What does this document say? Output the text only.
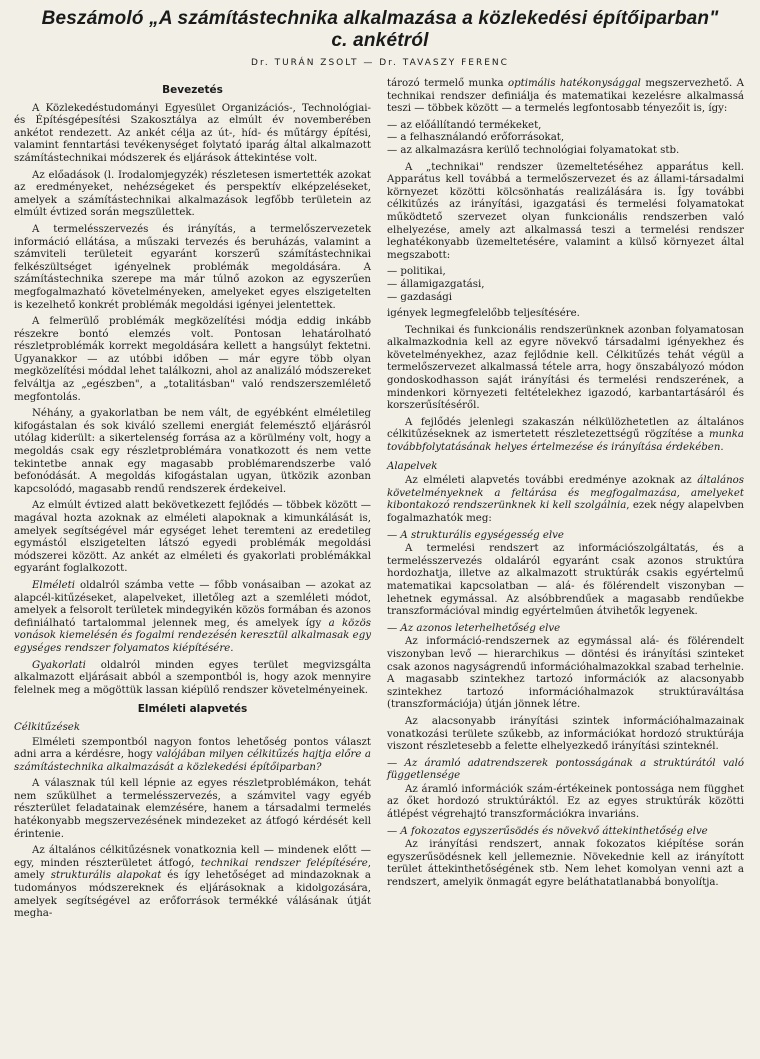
Beszámoló „A számítástechnika alkalmazása a közlekedési építőiparban"
c. ankétról
Dr. TURÁN ZSOLT — Dr. TAVASZY FERENC
Bevezetés

A Közlekedéstudományi Egyesület Organizációs-, Technológiai- és Építésgépesítési Szakosztálya az elmúlt év novemberében ankétot rendezett. Az ankét célja az út-, híd- és műtárgy építési, valamint fenntartási tevékenységet folytató iparág által alkalmazott számítástechnikai módszerek és eljárások áttekintése volt.

Az előadások (l. Irodalomjegyzék) részletesen ismertették azokat az eredményeket, nehézségeket és perspektív elképzeléseket, amelyek a számítástechnikai alkalmazások legfőbb területein az elmúlt évtized során megszülettek.

A termelésszervezés és irányítás, a termelőszervezetek információ ellátása, a műszaki tervezés és beruházás, valamint a számviteli területeit egyaránt korszerű számítástechnikai felkészültséget igényelnek problémák megoldására. A számítástechnika szerepe ma már túlnő azokon az egyszerűen megfogalmazható követelményeken, amelyeket egyes elszigetelten is kezelhető konkrét problémák megoldási igényei jelentettek.

A felmerülő problémák megközelítési módja eddig inkább részekre bontó elemzés volt. Pontosan lehatárolható részletproblémák korrekt megoldására kellett a hangsúlyt fektetni. Ugyanakkor — az utóbbi időben — már egyre több olyan megközelítési móddal lehet találkozni, ahol az analizáló módszereket felváltja az „egészben", a „totalitásban" való rendszerszemlélető megfontolás.

Néhány, a gyakorlatban be nem vált, de egyébként elméletileg kifogástalan és sok kiváló szellemi energiát felemésztő eljárásról utólag kiderült: a sikertelenség forrása az a körülmény volt, hogy a megoldás csak egy részletproblémára vonatkozott és nem vette tekintetbe annak egy magasabb problémarendszerbe való befonódását. A megoldás kifogástalan ugyan, ütközik azonban kapcsolódó, magasabb rendű rendszerek érdekeivel.

Az elmúlt évtized alatt bekövetkezett fejlődés — többek között — magával hozta azoknak az elméleti alapoknak a kimunkálását is, amelyek segítségével már egységet lehet teremteni az eredetileg egymástól elszigetelten látszó egyedi problémák megoldási módszerei között. Az ankét az elméleti és gyakorlati problémákkal egyaránt foglalkozott.

Elméleti oldalról számba vette — főbb vonásaiban — azokat az alapcél-kitűzéseket, alapelveket, illetőleg azt a szemléleti módot, amelyek a felsorolt területek mindegyikén közös formában és azonos definiálható tartalommal jelennek meg, és amelyek így a közös vonások kiemelésén és fogalmi rendezésén keresztül alkalmasak egy egységes rendszer folyamatos kiépítésére.

Gyakorlati oldalról minden egyes terület megvizsgálta alkalmazott eljárásait abból a szempontból is, hogy azok mennyire felelnek meg a mögöttük lassan kiépülő rendszer követelményeinek.

Elméleti alapvetés
Célkitűzések

Elméleti szempontból nagyon fontos lehetőség pontos választ adni arra a kérdésre, hogy valójában milyen célkitűzés hajtja előre a számítástechnika alkalmazását a közlekedési építőiparban?

A válasznak túl kell lépnie az egyes részletproblémákon, tehát nem szűkülhet a termelésszervezés, a számvitel vagy egyéb részterület feladatainak elemzésére, hanem a társadalmi termelés hatékonyabb megszervezésének mindezeket az átfogó kérdését kell érintenie.

Az általános célkitűzésnek vonatkoznia kell — mindenek előtt — egy, minden részterületet átfogó, technikai rendszer felépítésére, amely strukturális alapokat és így lehetőséget ad mindazoknak a tudományos módszereknek és eljárásoknak a kidolgozására, amelyek segítségével az erőforrások termékké válásának útját megha-

tározó termelő munka optimális hatékonysággal megszervezhető. A technikai rendszer definiálja és matematikai kezelésre alkalmassá teszi — többek között — a termelés legfontosabb tényezőit is, így:

— az előállítandó termékeket,
— a felhasználandó erőforrásokat,
— az alkalmazásra kerülő technológiai folyamatokat stb.

A „technikai" rendszer üzemeltetéséhez apparátus kell. Apparátus kell továbbá a termelőszervezet és az állami-társadalmi környezet közötti kölcsönhatás realizálására is. Így további célkitűzés az irányítási, igazgatási és termelési folyamatokat működtető szervezet olyan funkcionális rendszerben való elhelyezése, amely azt alkalmassá teszi a termelési rendszer leghatékonyabb üzemeltetésére, valamint a külső környezet által megszabott:

— politikai,
— államigazgatási,
— gazdasági

igények legmegfelelőbb teljesítésére.

Technikai és funkcionális rendszerünknek azonban folyamatosan alkalmazkodnia kell az egyre növekvő társadalmi igényekhez és követelményekhez, azaz fejlődnie kell. Célkitűzés tehát végül a termelőszervezet alkalmassá tétele arra, hogy önszabályozó módon gondoskodhasson saját irányítási és termelési rendszerének, a mindenkori környezeti feltételekhez igazodó, karbantartásáról és korszerűsítéséről.

A fejlődés jelenlegi szakaszán nélkülözhetetlen az általános célkitűzéseknek az ismertetett részletezettségű rögzítése a munka továbbfolytatásának helyes értelmezése és irányítása érdekében.

Alapelvek

Az elméleti alapvetés további eredménye azoknak az általános követelményeknek a feltárása és megfogalmazása, amelyeket kibontakozó rendszerünknek ki kell szolgálnia, ezek négy alapelvben fogalmazhatók meg:

— A strukturális egységesség elve

A termelési rendszert az információszolgáltatás, és a termelésszervezés oldaláról egyaránt csak azonos struktúra hordozhatja, illetve az alkalmazott struktúrák csakis egyértelmű matematikai kapcsolatban — alá- és fölérendelt viszonyban — lehetnek egymással. Az alsóbbrendűek a magasabb rendűekbe transzformációval mindig egyértelműen átvihetők legyenek.

— Az azonos leterhelhetőség elve

Az információ-rendszernek az egymással alá- és fölérendelt viszonyban levő — hierarchikus — döntési és irányítási szinteket csak azonos nagyságrendű információhalmazokkal szabad terhelnie. A magasabb szintekhez tartozó információk az alacsonyabb szintekhez tartozó információhalmazok struktúraváltása (transzformációja) útján jönnek létre.

Az alacsonyabb irányítási szintek információhalmazainak vonatkozási területe szűkebb, az információkat hordozó struktúrája viszont részletesebb a felette elhelyezkedő irányítási szinteknél.

— Az áramló adatrendszerek pontosságának a struktúrától való függetlensége

Az áramló információk szám-értékeinek pontossága nem függhet az őket hordozó struktúráktól. Ez az egyes struktúrák közötti átlépést végrehajtó transzformációkra invariáns.

— A fokozatos egyszerűsödés és növekvő áttekinthetőség elve

Az irányítási rendszert, annak fokozatos kiépítése során egyszerűsödésnek kell jellemeznie. Növekednie kell az irányított terület áttekinthetőségének stb. Nem lehet komolyan venni azt a rendszert, amelyik önmagát egyre beláthatatlanabbá bonyolítja.
